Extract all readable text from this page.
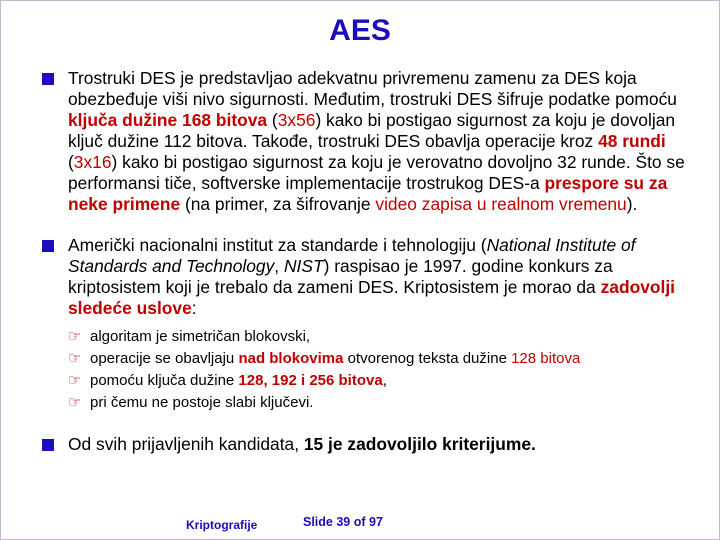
AES
Trostruki DES je predstavljao adekvatnu privremenu zamenu za DES koja obezbeđuje viši nivo sigurnosti. Međutim, trostruki DES šifruje podatke pomoću ključa dužine 168 bitova (3x56) kako bi postigao sigurnost za koju je dovoljan ključ dužine 112 bitova. Takođe, trostruki DES obavlja operacije kroz 48 rundi (3x16) kako bi postigao sigurnost za koju je verovatno dovoljno 32 runde. Što se performansi tiče, softverske implementacije trostrukog DES-a prespore su za neke primene (na primer, za šifrovanje video zapisa u realnom vremenu).
Američki nacionalni institut za standarde i tehnologiju (National Institute of Standards and Technology, NIST) raspisao je 1997. godine konkurs za kriptosistem koji je trebalo da zameni DES. Kriptosistem je morao da zadovolji sledeće uslove:
☞ algoritam je simetričan blokovski,
☞ operacije se obavljaju nad blokovima otvorenog teksta dužine 128 bitova
☞ pomoću ključa dužine 128, 192 i 256 bitova,
☞ pri čemu ne postoje slabi ključevi.
Od svih prijavljenih kandidata, 15 je zadovoljilo kriterijume.
Kriptografije	Slide 39 of 97
